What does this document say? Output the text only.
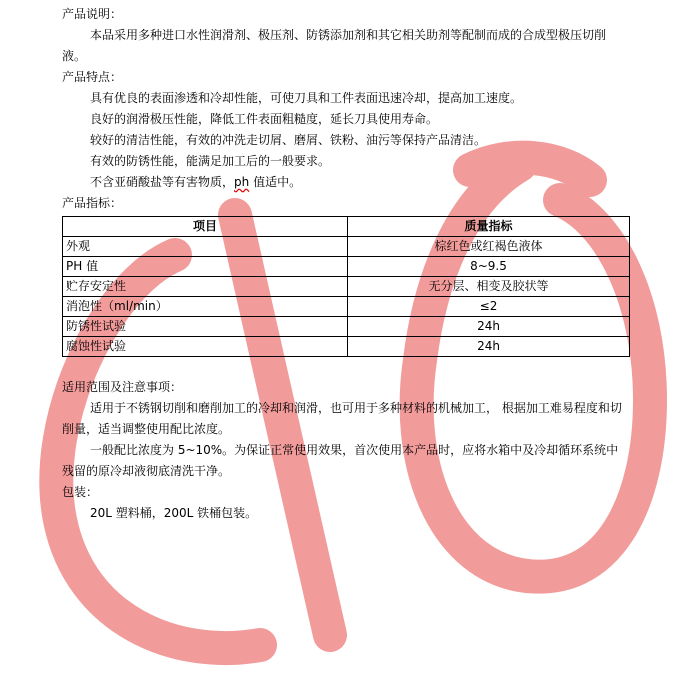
产品说明：
本品采用多种进口水性润滑剂、极压剂、防锈添加剂和其它相关助剂等配制而成的合成型极压切削液。
产品特点：
具有优良的表面渗透和冷却性能，可使刀具和工件表面迅速冷却，提高加工速度。
良好的润滑极压性能，降低工件表面粗糙度，延长刀具使用寿命。
较好的清洁性能，有效的冲洗走切屑、磨屑、铁粉、油污等保持产品清洁。
有效的防锈性能，能满足加工后的一般要求。
不含亚硝酸盐等有害物质，ph 值适中。
产品指标：
项目	质量指标
外观	棕红色或红褐色液体
PH 值	8~9.5
贮存安定性	无分层、相变及胶状等
消泡性（ml/min）	≤2
防锈性试验	24h
腐蚀性试验	24h
适用范围及注意事项：
适用于不锈钢切削和磨削加工的冷却和润滑，也可用于多种材料的机械加工， 根据加工难易程度和切削量，适当调整使用配比浓度。
一般配比浓度为 5~10%。为保证正常使用效果，首次使用本产品时，应将水箱中及冷却循环系统中残留的原冷却液彻底清洗干净。
包装：
20L 塑料桶，200L 铁桶包装。
